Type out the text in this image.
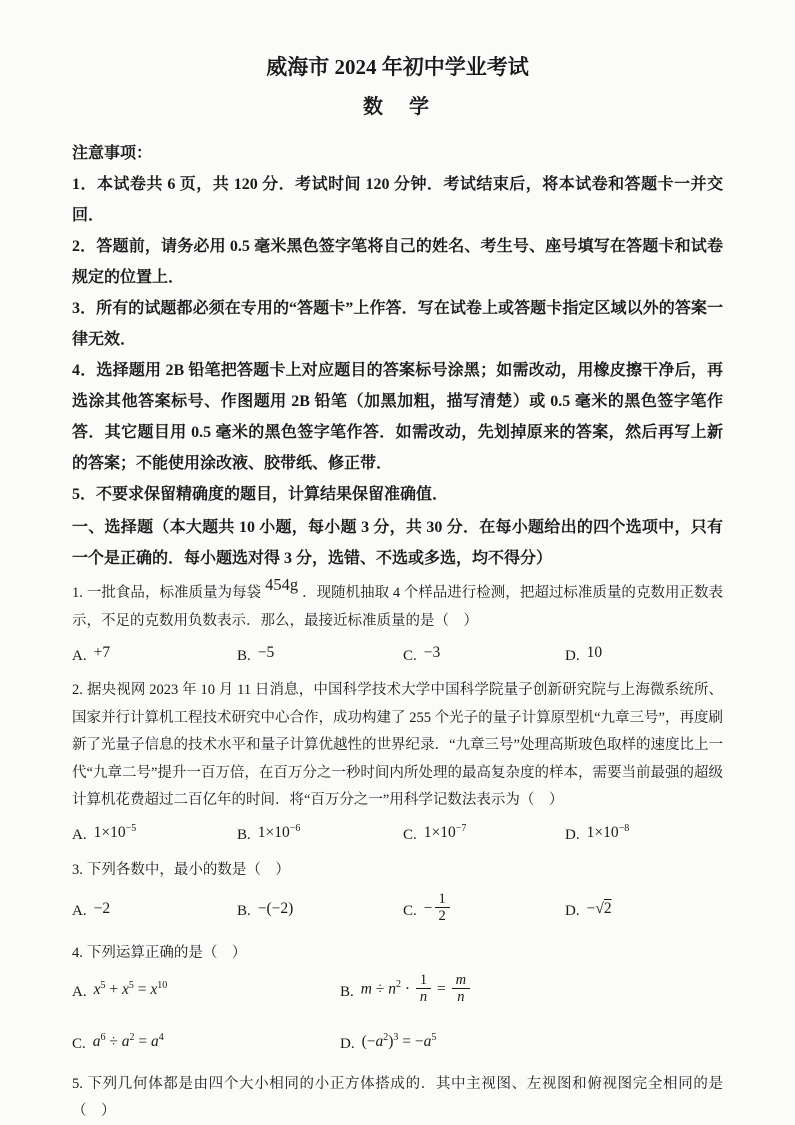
威海市 2024 年初中学业考试
数　学
注意事项：
1．本试卷共 6 页，共 120 分．考试时间 120 分钟．考试结束后，将本试卷和答题卡一并交回．
2．答题前，请务必用 0.5 毫米黑色签字笔将自己的姓名、考生号、座号填写在答题卡和试卷规定的位置上．
3．所有的试题都必须在专用的“答题卡”上作答．写在试卷上或答题卡指定区域以外的答案一律无效．
4．选择题用 2B 铅笔把答题卡上对应题目的答案标号涂黑；如需改动，用橡皮擦干净后，再选涂其他答案标号、作图题用 2B 铅笔（加黑加粗，描写清楚）或 0.5 毫米的黑色签字笔作答．其它题目用 0.5 毫米的黑色签字笔作答．如需改动，先划掉原来的答案，然后再写上新的答案；不能使用涂改液、胶带纸、修正带．
5．不要求保留精确度的题目，计算结果保留准确值．
一、选择题（本大题共 10 小题，每小题 3 分，共 30 分．在每小题给出的四个选项中，只有一个是正确的．每小题选对得 3 分，选错、不选或多选，均不得分）
1. 一批食品，标准质量为每袋 454g ．现随机抽取 4 个样品进行检测，把超过标准质量的克数用正数表示，不足的克数用负数表示．那么，最接近标准质量的是（　）
A. +7	B. −5	C. −3	D. 10
2. 据央视网 2023 年 10 月 11 日消息，中国科学技术大学中国科学院量子创新研究院与上海微系统所、国家并行计算机工程技术研究中心合作，成功构建了 255 个光子的量子计算原型机“九章三号”，再度刷新了光量子信息的技术水平和量子计算优越性的世界纪录．“九章三号”处理高斯玻色取样的速度比上一代“九章二号”提升一百万倍，在百万分之一秒时间内所处理的最高复杂度的样本，需要当前最强的超级计算机花费超过二百亿年的时间．将“百万分之一”用科学记数法表示为（　）
A. $1\times 10^{-5}$	B. $1\times 10^{-6}$	C. $1\times 10^{-7}$	D. $1\times 10^{-8}$
3. 下列各数中，最小的数是（　）
A. −2	B. −(−2)	C. − $\frac{1}{2}$	D. −√2
4. 下列运算正确的是（　）
A. $x^5 + x^5 = x^{10}$	B. $m \div n^2 \cdot \frac{1}{n} = \frac{m}{n}$
C. $a^6 \div a^2 = a^4$	D. $(-a^2)^3 = -a^5$
5. 下列几何体都是由四个大小相同的小正方体搭成的．其中主视图、左视图和俯视图完全相同的是（　）
